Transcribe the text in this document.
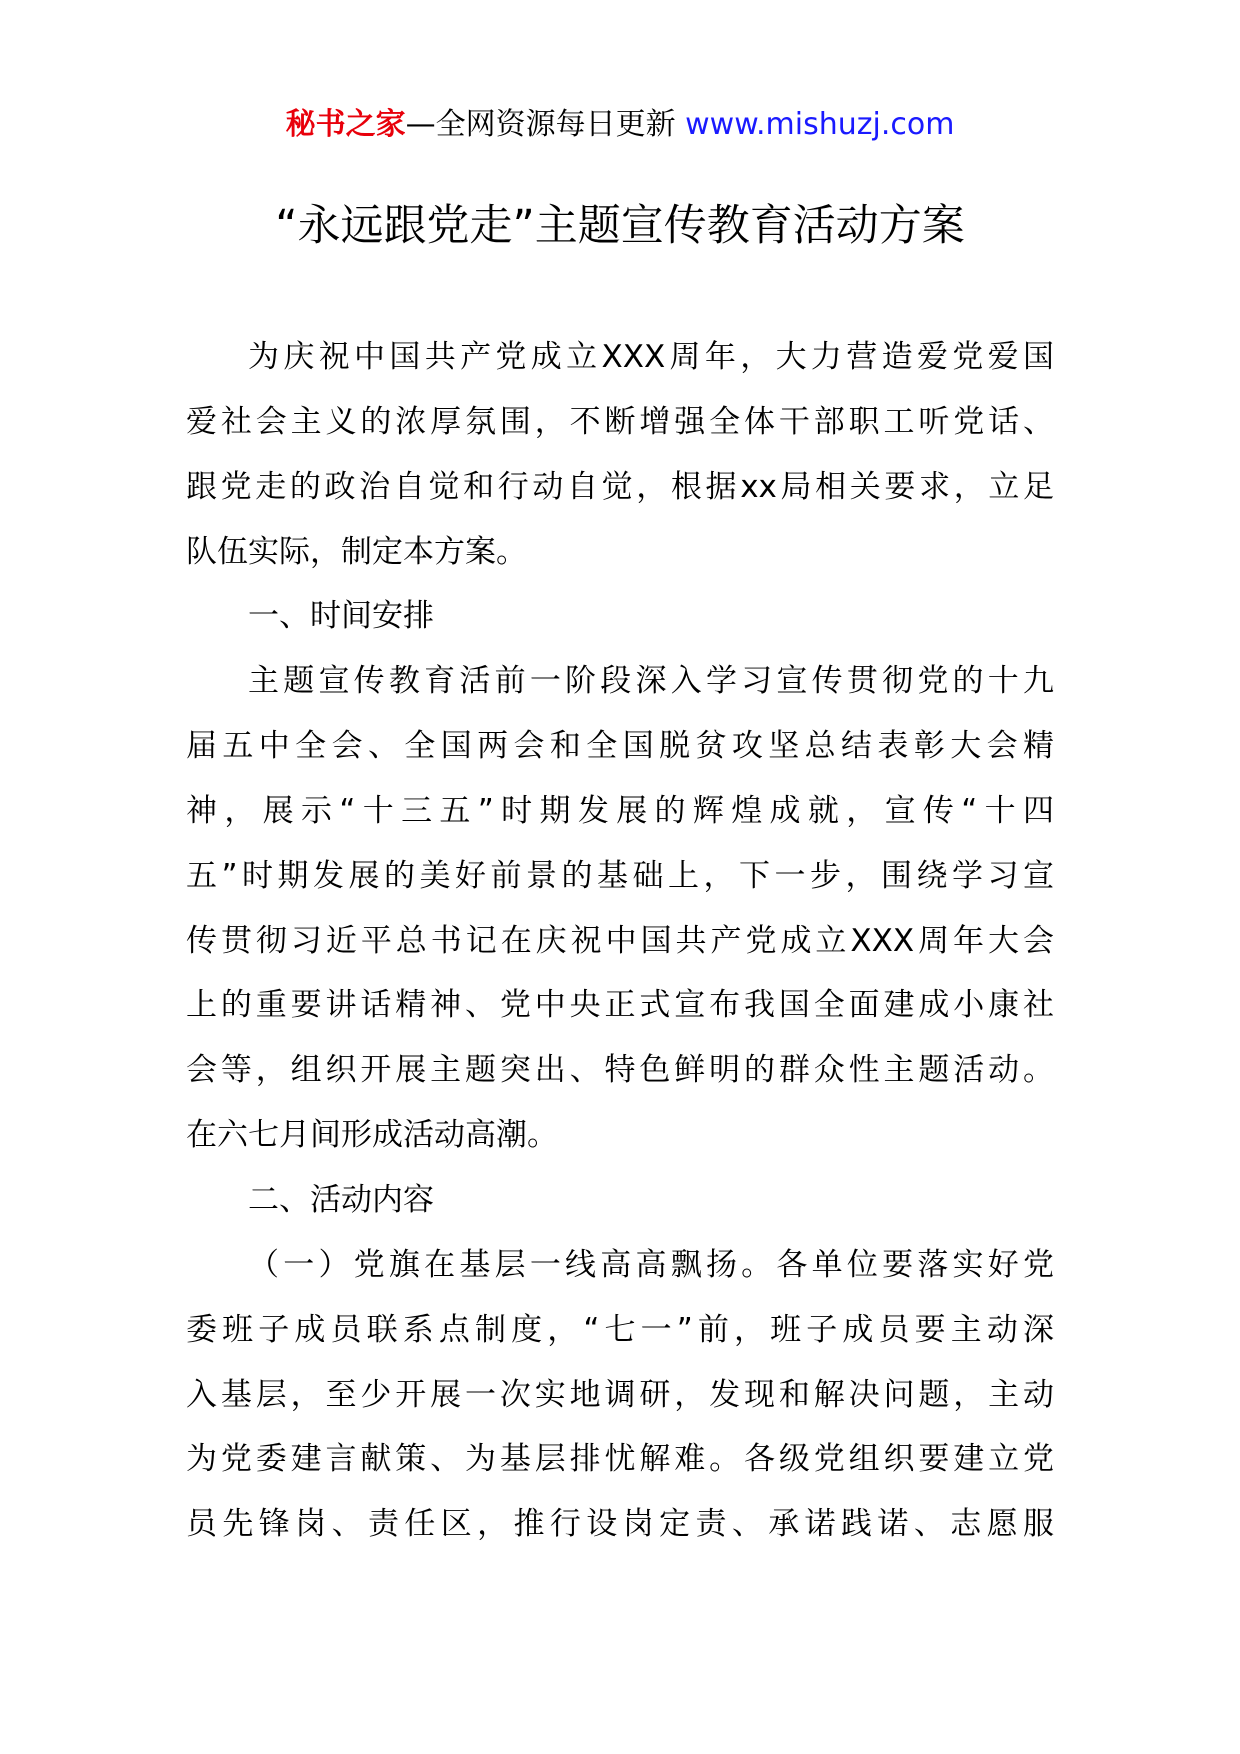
秘书之家—全网资源每日更新 www.mishuzj.com
“永远跟党走”主题宣传教育活动方案
为庆祝中国共产党成立XXX周年，大力营造爱党爱国
爱社会主义的浓厚氛围，不断增强全体干部职工听党话、
跟党走的政治自觉和行动自觉，根据xx局相关要求，立足
队伍实际，制定本方案。
一、时间安排
主题宣传教育活前一阶段深入学习宣传贯彻党的十九
届五中全会、全国两会和全国脱贫攻坚总结表彰大会精
神，展示“十三五”时期发展的辉煌成就，宣传“十四
五”时期发展的美好前景的基础上，下一步，围绕学习宣
传贯彻习近平总书记在庆祝中国共产党成立XXX周年大会
上的重要讲话精神、党中央正式宣布我国全面建成小康社
会等，组织开展主题突出、特色鲜明的群众性主题活动。
在六七月间形成活动高潮。
二、活动内容
（一）党旗在基层一线高高飘扬。各单位要落实好党
委班子成员联系点制度，“七一”前，班子成员要主动深
入基层，至少开展一次实地调研，发现和解决问题，主动
为党委建言献策、为基层排忧解难。各级党组织要建立党
员先锋岗、责任区，推行设岗定责、承诺践诺、志愿服
